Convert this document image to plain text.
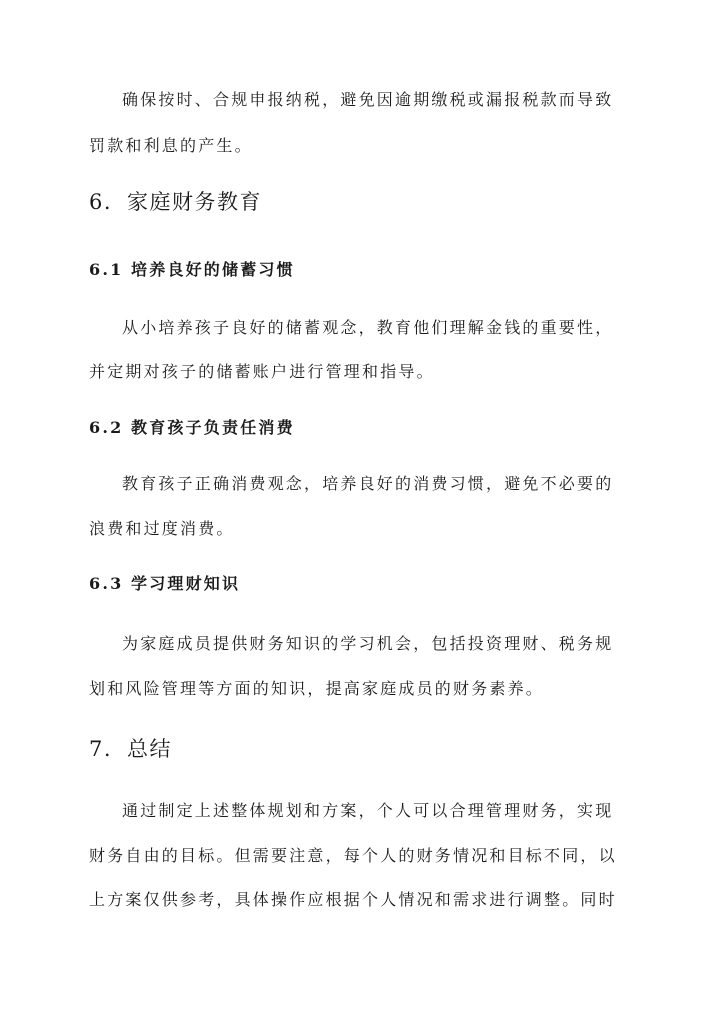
确保按时、合规申报纳税，避免因逾期缴税或漏报税款而导致
罚款和利息的产生。
6. 家庭财务教育
6.1 培养良好的储蓄习惯
从小培养孩子良好的储蓄观念，教育他们理解金钱的重要性，
并定期对孩子的储蓄账户进行管理和指导。
6.2 教育孩子负责任消费
教育孩子正确消费观念，培养良好的消费习惯，避免不必要的
浪费和过度消费。
6.3 学习理财知识
为家庭成员提供财务知识的学习机会，包括投资理财、税务规
划和风险管理等方面的知识，提高家庭成员的财务素养。
7. 总结
通过制定上述整体规划和方案，个人可以合理管理财务，实现
财务自由的目标。但需要注意，每个人的财务情况和目标不同，以
上方案仅供参考，具体操作应根据个人情况和需求进行调整。同时
